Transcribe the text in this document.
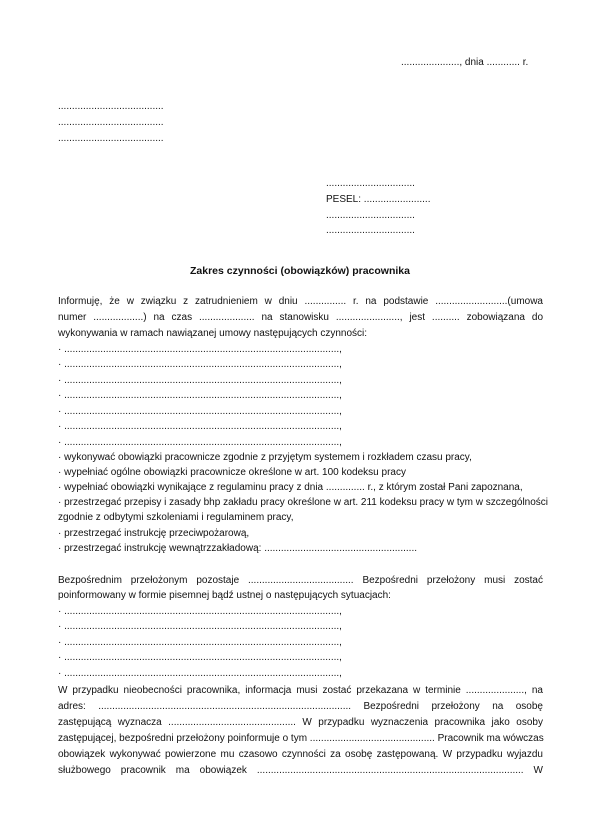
....................., dnia ............ r.
......................................
......................................
......................................
................................
PESEL: ........................
................................
................................
Zakres czynności (obowiązków) pracownika
Informuję, że w związku z zatrudnieniem w dniu ............... r. na podstawie ..........................(umowa
numer ..................) na czas .................... na stanowisku ......................., jest .......... zobowiązana do
wykonywania w ramach nawiązanej umowy następujących czynności:
· ...................................................................................................,
· ...................................................................................................,
· ...................................................................................................,
· ...................................................................................................,
· ...................................................................................................,
· ...................................................................................................,
· ...................................................................................................,
· wykonywać obowiązki pracownicze zgodnie z przyjętym systemem i rozkładem czasu pracy,
· wypełniać ogólne obowiązki pracownicze określone w art. 100 kodeksu pracy
· wypełniać obowiązki wynikające z regulaminu pracy z dnia .............. r., z którym został Pani zapoznana,
· przestrzegać przepisy i zasady bhp zakładu pracy określone w art. 211 kodeksu pracy w tym w szczególności
zgodnie z odbytymi szkoleniami i regulaminem pracy,
· przestrzegać instrukcję przeciwpożarową,
· przestrzegać instrukcję wewnątrzzakładową: .......................................................
Bezpośrednim przełożonym pozostaje ...................................... Bezpośredni przełożony musi zostać
poinformowany w formie pisemnej bądź ustnej o następujących sytuacjach:
· ...................................................................................................,
· ...................................................................................................,
· ...................................................................................................,
· ...................................................................................................,
· ...................................................................................................,
W przypadku nieobecności pracownika, informacja musi zostać przekazana w terminie ....................., na
adres: ........................................................................................... Bezpośredni przełożony na osobę
zastępującą wyznacza .............................................. W przypadku wyznaczenia pracownika jako osoby
zastępującej, bezpośredni przełożony poinformuje o tym ............................................. Pracownik ma wówczas
obowiązek wykonywać powierzone mu czasowo czynności za osobę zastępowaną. W przypadku wyjazdu
służbowego pracownik ma obowiązek ................................................................................................ W
